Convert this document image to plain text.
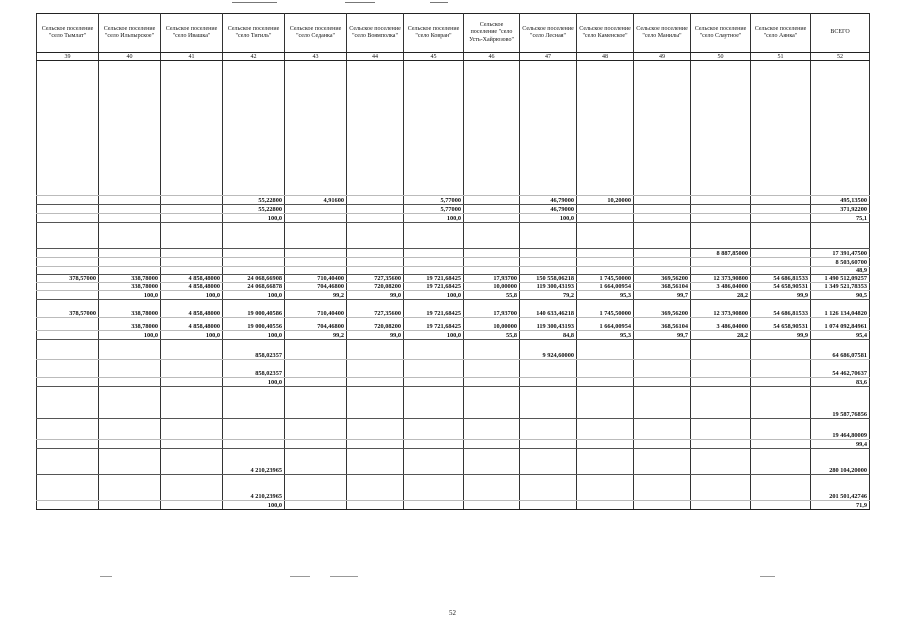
Сельское поселение "село Тымлат"	Сельское поселение "село Ильпырское"	Сельское поселение "село Ивашка"	Сельское поселение "село Тигиль"	Сельское поселение "село Седанка"	Сельское поселение "село Воямполка"	Сельское поселение "село Ковран"	Сельское поселение "село Усть-Хайрюзово"	Сельское поселение "село Лесная"	Сельское поселение "село Каменское"	Сельское поселение "село Манилы"	Сельское поселение "село Слаутное"	Сельское поселение "село Аянка"	ВСЕГО
39	40	41	42	43	44	45	46	47	48	49	50	51	52

			55,22800	4,91600		5,77000		46,79000	10,20000				495,13500
			55,22800			5,77000		46,79000					371,92200
			100,0			100,0		100,0					75,1

											8 887,85000		17 391,47500
													8 503,60700
													48,9
378,57000	338,78000	4 858,48000	24 068,66908	710,40400	727,35600	19 721,68425	17,93700	150 558,06218	1 745,50000	369,56200	12 373,90800	54 686,81533	1 490 512,09257
	338,78000	4 858,48000	24 068,66878	704,46800	720,08200	19 721,68425	10,00000	119 300,43193	1 664,00954	368,56104	3 486,04000	54 658,90531	1 349 521,78353
	100,0	100,0	100,0	99,2	99,0	100,0	55,8	79,2	95,3	99,7	28,2	99,9	90,5
378,57000	338,78000	4 858,48000	19 000,40586	710,40400	727,35600	19 721,68425	17,93700	140 633,46218	1 745,50000	369,56200	12 373,90800	54 686,81533	1 126 134,04820
	338,78000	4 858,48000	19 000,40556	704,46800	720,08200	19 721,68425	10,00000	119 300,43193	1 664,00954	368,56104	3 486,04000	54 658,90531	1 074 092,84961
	100,0	100,0	100,0	99,2	99,0	100,0	55,8	84,8	95,3	99,7	28,2	99,9	95,4
			858,02357					9 924,60000					64 686,07581
			858,02357										54 462,70637
			100,0										83,6
													19 587,76856
													19 464,80009
													99,4
			4 210,23965										280 104,20000
			4 210,23965										201 501,42746
			100,0										71,9
52
